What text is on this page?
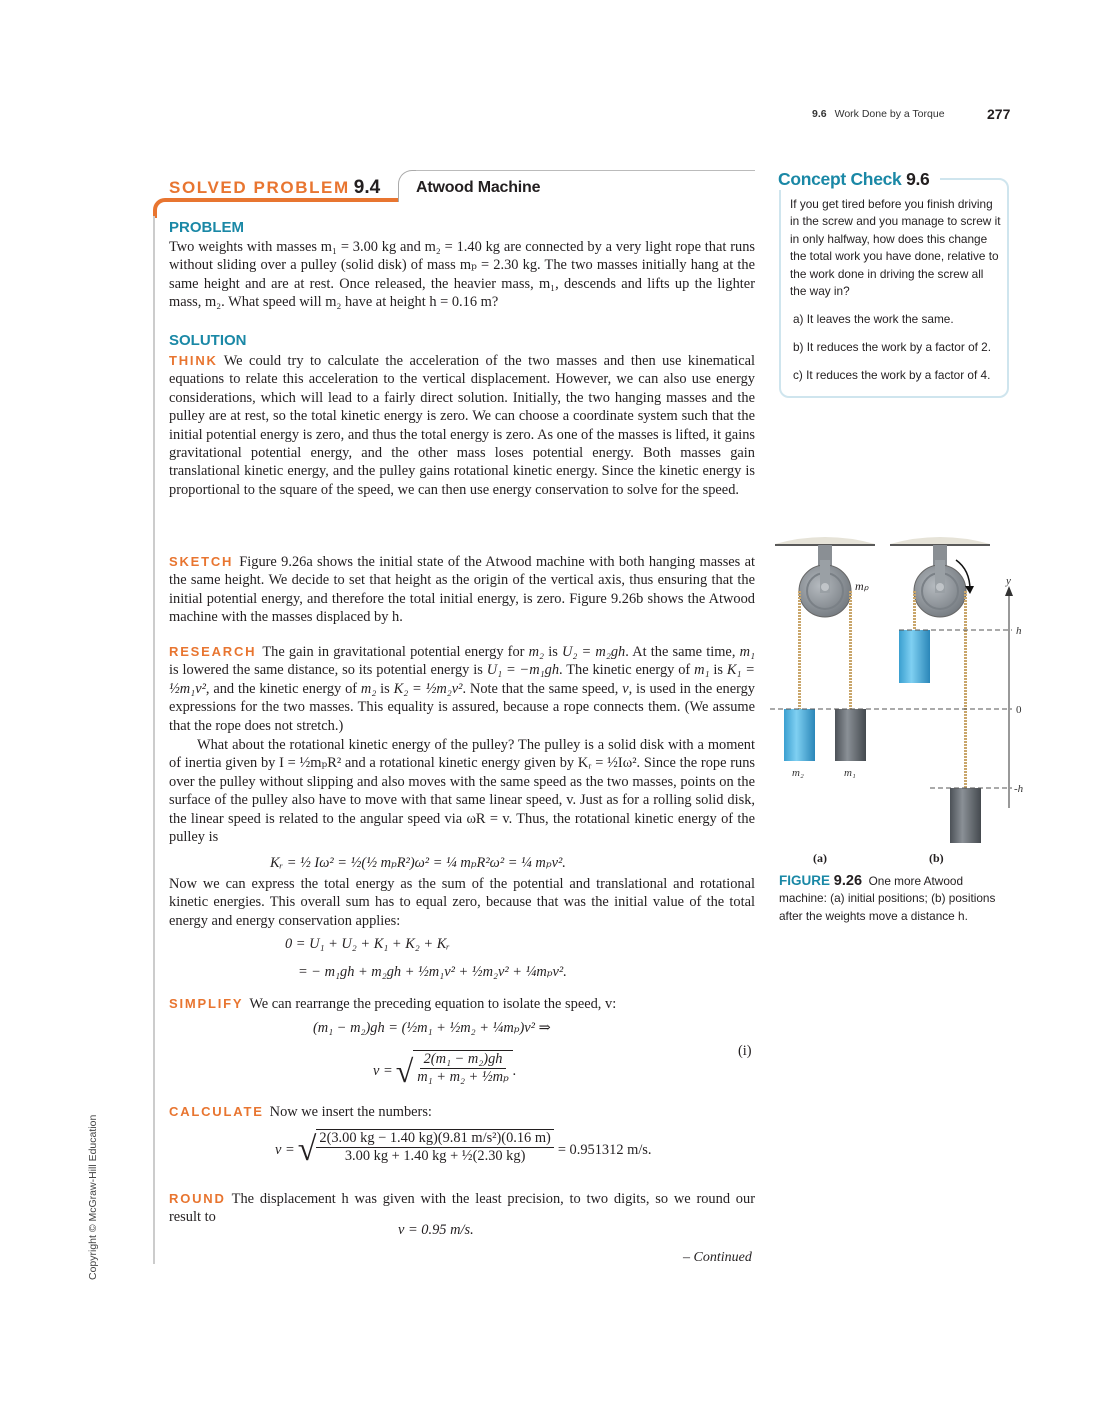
9.6 Work Done by a Torque	277
SOLVED PROBLEM 9.4 Atwood Machine
PROBLEM
Two weights with masses m₁ = 3.00 kg and m₂ = 1.40 kg are connected by a very light rope that runs without sliding over a pulley (solid disk) of mass mₚ = 2.30 kg. The two masses initially hang at the same height and are at rest. Once released, the heavier mass, m₁, descends and lifts up the lighter mass, m₂. What speed will m₂ have at height h = 0.16 m?
SOLUTION
THINK We could try to calculate the acceleration of the two masses and then use kinematical equations to relate this acceleration to the vertical displacement. However, we can also use energy considerations, which will lead to a fairly direct solution. Initially, the two hanging masses and the pulley are at rest, so the total kinetic energy is zero. We can choose a coordinate system such that the initial potential energy is zero, and thus the total energy is zero. As one of the masses is lifted, it gains gravitational potential energy, and the other mass loses potential energy. Both masses gain translational kinetic energy, and the pulley gains rotational kinetic energy. Since the kinetic energy is proportional to the square of the speed, we can then use energy conservation to solve for the speed.
SKETCH Figure 9.26a shows the initial state of the Atwood machine with both hanging masses at the same height. We decide to set that height as the origin of the vertical axis, thus ensuring that the initial potential energy, and therefore the total initial energy, is zero. Figure 9.26b shows the Atwood machine with the masses displaced by h.
RESEARCH The gain in gravitational potential energy for m₂ is U₂ = m₂gh. At the same time, m₁ is lowered the same distance, so its potential energy is U₁ = −m₁gh. The kinetic energy of m₁ is K₁ = ½m₁v², and the kinetic energy of m₂ is K₂ = ½m₂v². Note that the same speed, v, is used in the energy expressions for the two masses. This equality is assured, because a rope connects them. (We assume that the rope does not stretch.)
What about the rotational kinetic energy of the pulley? The pulley is a solid disk with a moment of inertia given by I = ½mₚR² and a rotational kinetic energy given by Kᵣ = ½Iω². Since the rope runs over the pulley without slipping and also moves with the same speed as the two masses, points on the surface of the pulley also have to move with that same linear speed, v. Just as for a rolling solid disk, the linear speed is related to the angular speed via ωR = v. Thus, the rotational kinetic energy of the pulley is
Kᵣ = ½ Iω² = ½(½ mₚR²)ω² = ¼ mₚR²ω² = ¼ mₚv².
Now we can express the total energy as the sum of the potential and translational and rotational kinetic energies. This overall sum has to equal zero, because that was the initial value of the total energy and energy conservation applies:
0 = U₁ + U₂ + K₁ + K₂ + Kᵣ
= − m₁gh + m₂gh + ½m₁v² + ½m₂v² + ¼mₚv².
SIMPLIFY We can rearrange the preceding equation to isolate the speed, v:
(m₁ − m₂)gh = (½m₁ + ½m₂ + ¼mₚ)v² ⇒
v = √ $\frac{\text{2(m₁ − m₂)gh}}{\text{m₁ + m₂ + ½mₚ}}$ .
(i)
CALCULATE Now we insert the numbers:
v = √ $\frac{\text{2(3.00 kg − 1.40 kg)(9.81 m/s²)(0.16 m)}}{\text{3.00 kg + 1.40 kg + ½(2.30 kg)}} = 0.951312$ m/s.
ROUND The displacement h was given with the least precision, to two digits, so we round our result to
v = 0.95 m/s.
– Continued
Concept Check 9.6
If you get tired before you finish driving in the screw and you manage to screw it in only halfway, how does this change the total work you have done, relative to the work done in driving the screw all the way in?
a) It leaves the work the same.
b) It reduces the work by a factor of 2.
c) It reduces the work by a factor of 4.
mₚ
m₂	m₁
y
h
0
-h
(a)	(b)
FIGURE 9.26 One more Atwood machine: (a) initial positions; (b) positions after the weights move a distance h.
Copyright © McGraw-Hill Education
